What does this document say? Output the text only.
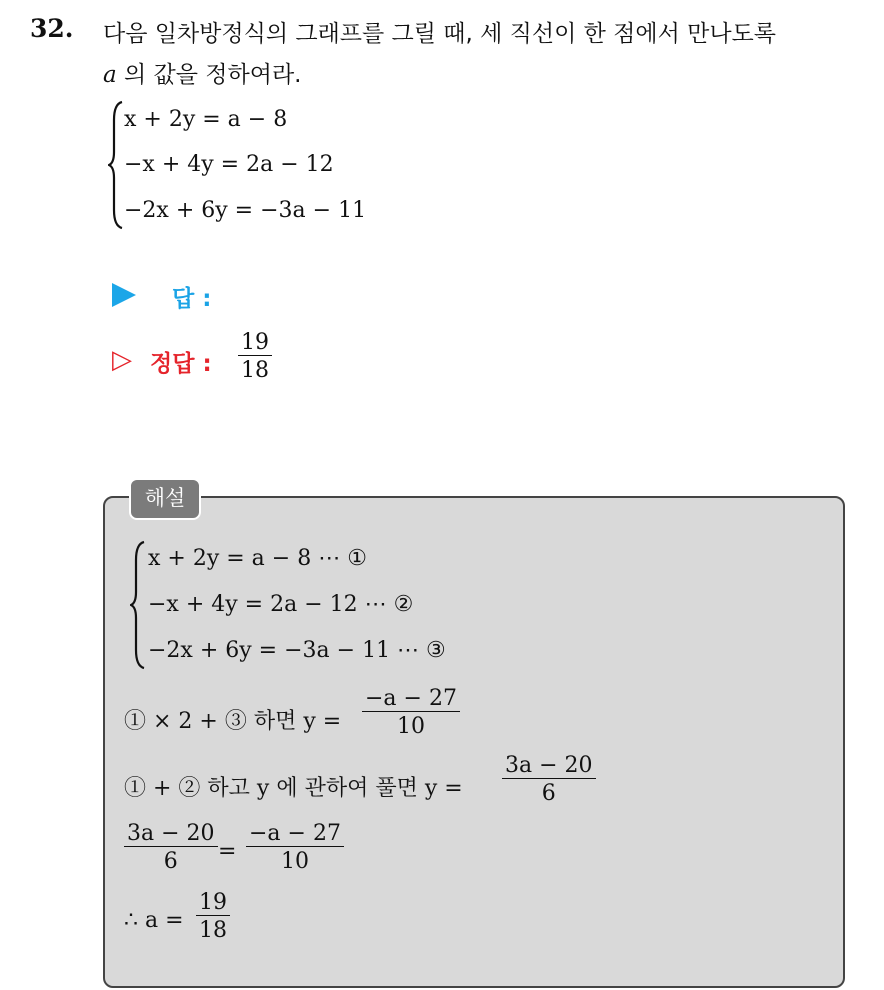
32. 다음 일차방정식의 그래프를 그릴 때, 세 직선이 한 점에서 만나도록
a 의 값을 정하여라.
x + 2y = a − 8
−x + 4y = 2a − 12
−2x + 6y = −3a − 11
답 :
▷ 정답 : $\frac{19}{18}$
해설
x + 2y = a − 8 ⋯ ①
−x + 4y = 2a − 12 ⋯ ②
−2x + 6y = −3a − 11 ⋯ ③
① × 2 + ③ 하면 $y = \frac{-a - 27}{10}$
① + ② 하고 y 에 관하여 풀면 $y = \frac{3a - 20}{6}$
$\frac{3a - 20}{6} = \frac{-a - 27}{10}$
∴ $a = \frac{19}{18}$
